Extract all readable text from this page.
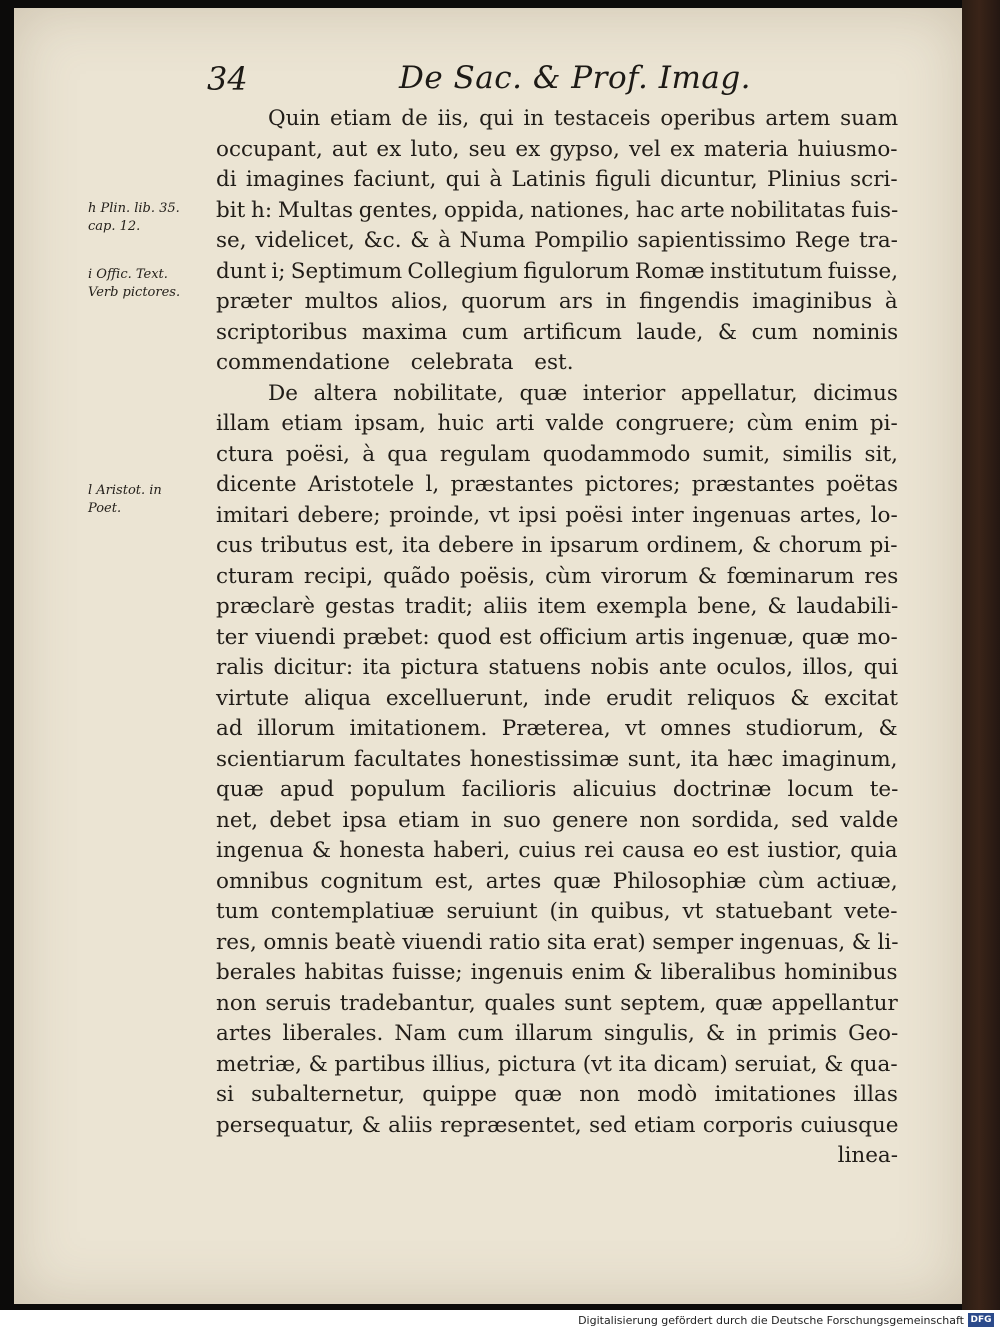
34	De Sac. & Prof. Imag.
h Plin. lib. 35.
cap. 12.
i Offic. Text.
Verb pictores.
l Aristot. in
Poet.
Quin etiam de iis, qui in testaceis operibus artem suam
occupant, aut ex luto, seu ex gypso, vel ex materia huiusmo-
di imagines faciunt, qui à Latinis figuli dicuntur, Plinius scri-
bit h: Multas gentes, oppida, nationes, hac arte nobilitatas fuis-
se, videlicet, &c. & à Numa Pompilio sapientissimo Rege tra-
dunt i; Septimum Collegium figulorum Romæ institutum fuisse,
præter multos alios, quorum ars in fingendis imaginibus à
scriptoribus maxima cum artificum laude, & cum nominis
commendatione celebrata est.
De altera nobilitate, quæ interior appellatur, dicimus
illam etiam ipsam, huic arti valde congruere; cùm enim pi-
ctura poësi, à qua regulam quodammodo sumit, similis sit,
dicente Aristotele l, præstantes pictores; præstantes poëtas
imitari debere; proinde, vt ipsi poësi inter ingenuas artes, lo-
cus tributus est, ita debere in ipsarum ordinem, & chorum pi-
cturam recipi, quãdo poësis, cùm virorum & fœminarum res
præclarè gestas tradit; aliis item exempla bene, & laudabili-
ter viuendi præbet: quod est officium artis ingenuæ, quæ mo-
ralis dicitur: ita pictura statuens nobis ante oculos, illos, qui
virtute aliqua excelluerunt, inde erudit reliquos & excitat
ad illorum imitationem. Præterea, vt omnes studiorum, &
scientiarum facultates honestissimæ sunt, ita hæc imaginum,
quæ apud populum facilioris alicuius doctrinæ locum te-
net, debet ipsa etiam in suo genere non sordida, sed valde
ingenua & honesta haberi, cuius rei causa eo est iustior, quia
omnibus cognitum est, artes quæ Philosophiæ cùm actiuæ,
tum contemplatiuæ seruiunt (in quibus, vt statuebant vete-
res, omnis beatè viuendi ratio sita erat) semper ingenuas, & li-
berales habitas fuisse; ingenuis enim & liberalibus hominibus
non seruis tradebantur, quales sunt septem, quæ appellantur
artes liberales. Nam cum illarum singulis, & in primis Geo-
metriæ, & partibus illius, pictura (vt ita dicam) seruiat, & qua-
si subalternetur, quippe quæ non modò imitationes illas
persequatur, & aliis repræsentet, sed etiam corporis cuiusque
linea-
Digitalisierung gefördert durch die Deutsche Forschungsgemeinschaft DFG
